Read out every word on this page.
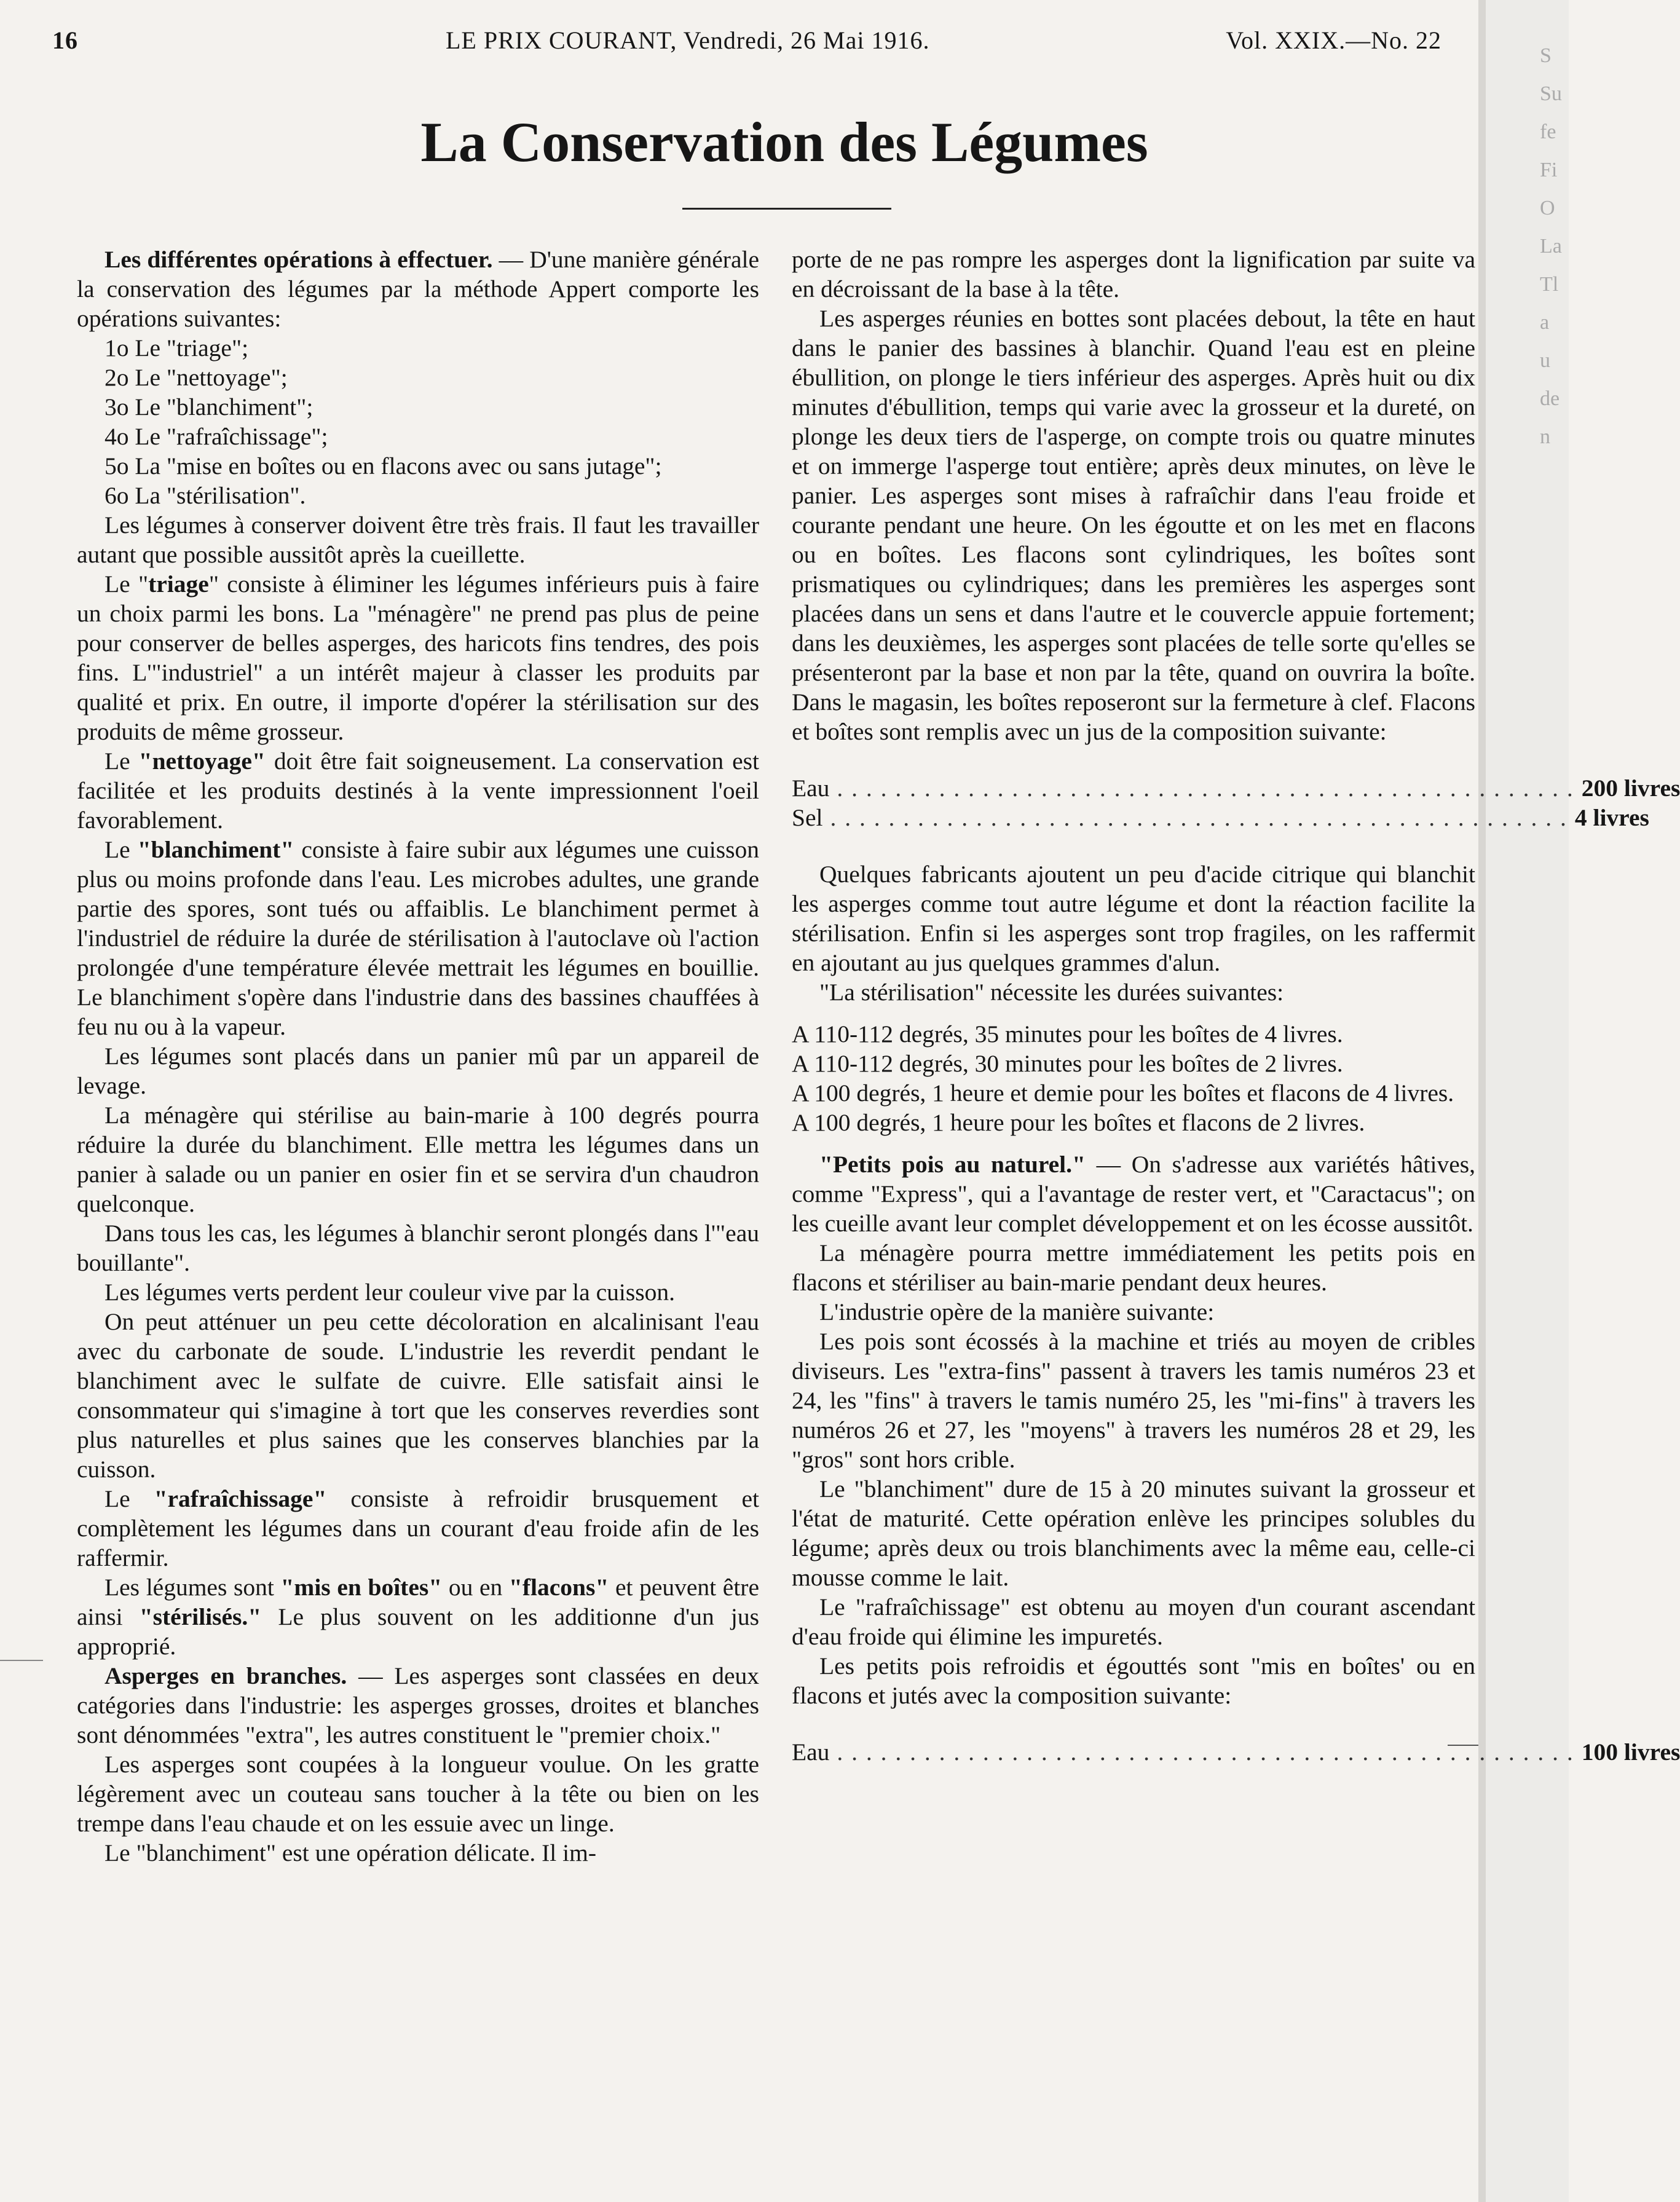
S
Su
fe
Fi
O
La
Tl
a
u
de
n
16	LE PRIX COURANT, Vendredi, 26 Mai 1916.	Vol. XXIX.—No. 22
La Conservation des Légumes

Les différentes opérations à effectuer. — D'une manière générale la conservation des légumes par la méthode Appert comporte les opérations suivantes:

1o Le "triage";

2o Le "nettoyage";

3o Le "blanchiment";

4o Le "rafraîchissage";

5o La "mise en boîtes ou en flacons avec ou sans jutage";

6o La "stérilisation".

Les légumes à conserver doivent être très frais. Il faut les travailler autant que possible aussitôt après la cueillette.

Le "triage" consiste à éliminer les légumes inférieurs puis à faire un choix parmi les bons. La "ménagère" ne prend pas plus de peine pour conserver de belles asperges, des haricots fins tendres, des pois fins. L'"industriel" a un intérêt majeur à classer les produits par qualité et prix. En outre, il importe d'opérer la stérilisation sur des produits de même grosseur.

Le "nettoyage" doit être fait soigneusement. La conservation est facilitée et les produits destinés à la vente impressionnent l'oeil favorablement.

Le "blanchiment" consiste à faire subir aux légumes une cuisson plus ou moins profonde dans l'eau. Les microbes adultes, une grande partie des spores, sont tués ou affaiblis. Le blanchiment permet à l'industriel de réduire la durée de stérilisation à l'autoclave où l'action prolongée d'une température élevée mettrait les légumes en bouillie. Le blanchiment s'opère dans l'industrie dans des bassines chauffées à feu nu ou à la vapeur.

Les légumes sont placés dans un panier mû par un appareil de levage.

La ménagère qui stérilise au bain-marie à 100 degrés pourra réduire la durée du blanchiment. Elle mettra les légumes dans un panier à salade ou un panier en osier fin et se servira d'un chaudron quelconque.

Dans tous les cas, les légumes à blanchir seront plongés dans l'"eau bouillante".

Les légumes verts perdent leur couleur vive par la cuisson.

On peut atténuer un peu cette décoloration en alcalinisant l'eau avec du carbonate de soude. L'industrie les reverdit pendant le blanchiment avec le sulfate de cuivre. Elle satisfait ainsi le consommateur qui s'imagine à tort que les conserves reverdies sont plus naturelles et plus saines que les conserves blanchies par la cuisson.

Le "rafraîchissage" consiste à refroidir brusquement et complètement les légumes dans un courant d'eau froide afin de les raffermir.

Les légumes sont "mis en boîtes" ou en "flacons" et peuvent être ainsi "stérilisés." Le plus souvent on les additionne d'un jus approprié.

Asperges en branches. — Les asperges sont classées en deux catégories dans l'industrie: les asperges grosses, droites et blanches sont dénommées "extra", les autres constituent le "premier choix."

Les asperges sont coupées à la longueur voulue. On les gratte légèrement avec un couteau sans toucher à la tête ou bien on les trempe dans l'eau chaude et on les essuie avec un linge.

Le "blanchiment" est une opération délicate. Il im-

porte de ne pas rompre les asperges dont la lignification par suite va en décroissant de la base à la tête.

Les asperges réunies en bottes sont placées debout, la tête en haut dans le panier des bassines à blanchir. Quand l'eau est en pleine ébullition, on plonge le tiers inférieur des asperges. Après huit ou dix minutes d'ébullition, temps qui varie avec la grosseur et la dureté, on plonge les deux tiers de l'asperge, on compte trois ou quatre minutes et on immerge l'asperge tout entière; après deux minutes, on lève le panier. Les asperges sont mises à rafraîchir dans l'eau froide et courante pendant une heure. On les égoutte et on les met en flacons ou en boîtes. Les flacons sont cylindriques, les boîtes sont prismatiques ou cylindriques; dans les premières les asperges sont placées dans un sens et dans l'autre et le couvercle appuie fortement; dans les deuxièmes, les asperges sont placées de telle sorte qu'elles se présenteront par la base et non par la tête, quand on ouvrira la boîte. Dans le magasin, les boîtes reposeront sur la fermeture à clef. Flacons et boîtes sont remplis avec un jus de la composition suivante:

Eau . . . . . . . . . . . . . . . . . . . . . . . . . . . . . . . . . . . . . . . . . . . . . . . . . . . 200 livres
Sel . . . . . . . . . . . . . . . . . . . . . . . . . . . . . . . . . . . . . . . . . . . . . . . . . . . 4 livres

Quelques fabricants ajoutent un peu d'acide citrique qui blanchit les asperges comme tout autre légume et dont la réaction facilite la stérilisation. Enfin si les asperges sont trop fragiles, on les raffermit en ajoutant au jus quelques grammes d'alun.

"La stérilisation" nécessite les durées suivantes:

A 110-112 degrés, 35 minutes pour les boîtes de 4 livres.

A 110-112 degrés, 30 minutes pour les boîtes de 2 livres.

A 100 degrés, 1 heure et demie pour les boîtes et flacons de 4 livres.

A 100 degrés, 1 heure pour les boîtes et flacons de 2 livres.

"Petits pois au naturel." — On s'adresse aux variétés hâtives, comme "Express", qui a l'avantage de rester vert, et "Caractacus"; on les cueille avant leur complet développement et on les écosse aussitôt.

La ménagère pourra mettre immédiatement les petits pois en flacons et stériliser au bain-marie pendant deux heures.

L'industrie opère de la manière suivante:

Les pois sont écossés à la machine et triés au moyen de cribles diviseurs. Les "extra-fins" passent à travers les tamis numéros 23 et 24, les "fins" à travers le tamis numéro 25, les "mi-fins" à travers les numéros 26 et 27, les "moyens" à travers les numéros 28 et 29, les "gros" sont hors crible.

Le "blanchiment" dure de 15 à 20 minutes suivant la grosseur et l'état de maturité. Cette opération enlève les principes solubles du légume; après deux ou trois blanchiments avec la même eau, celle-ci mousse comme le lait.

Le "rafraîchissage" est obtenu au moyen d'un courant ascendant d'eau froide qui élimine les impuretés.

Les petits pois refroidis et égouttés sont "mis en boîtes' ou en flacons et jutés avec la composition suivante:

Eau . . . . . . . . . . . . . . . . . . . . . . . . . . . . . . . . . . . . . . . . . . . . . . . . . . . 100 livres
